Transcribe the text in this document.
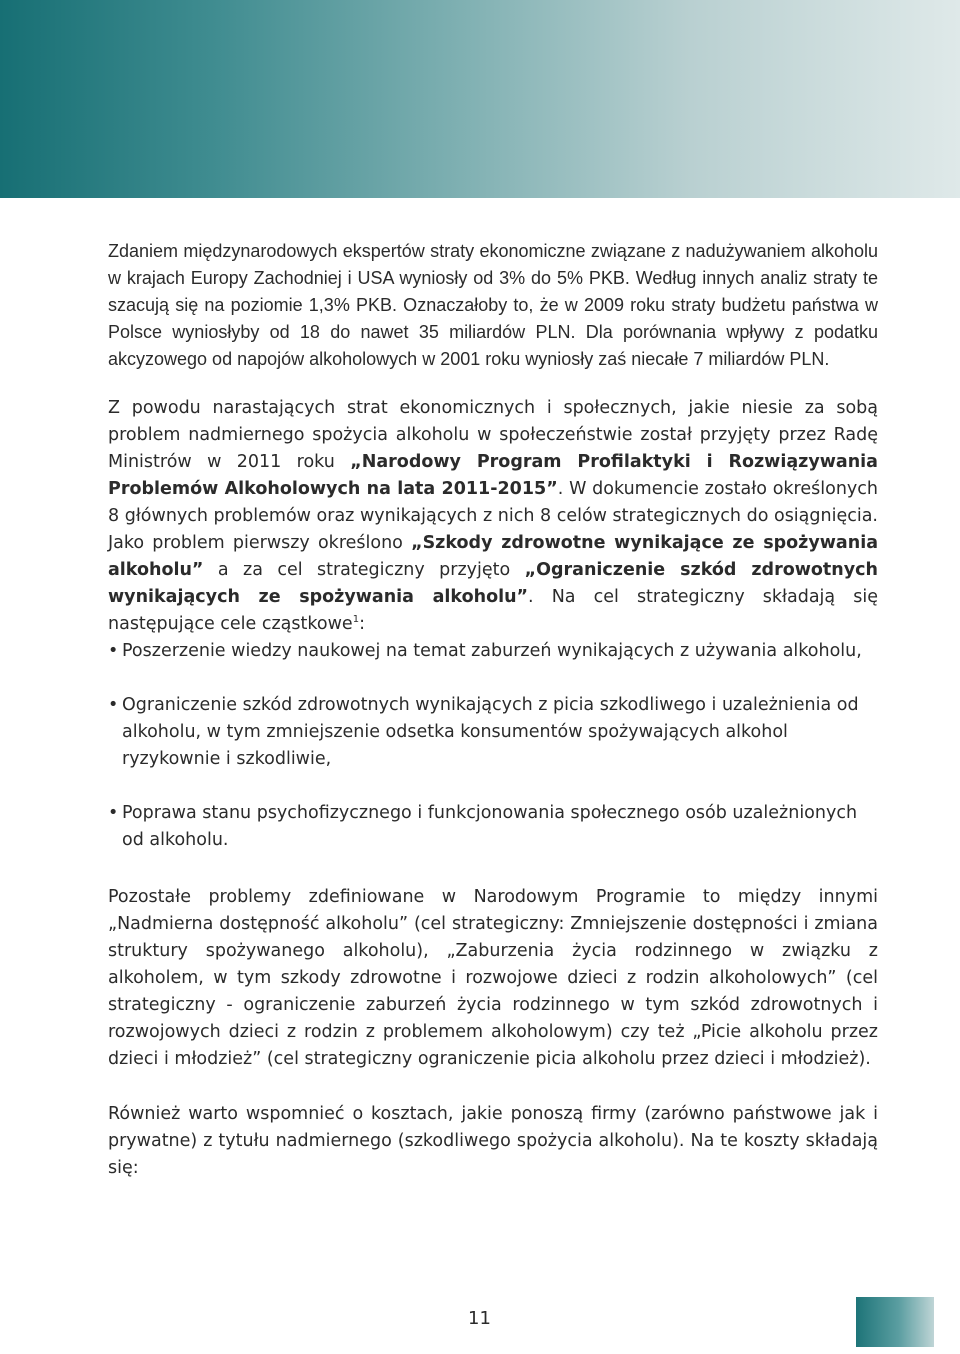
Zdaniem międzynarodowych ekspertów straty ekonomiczne związane z nadużywaniem alkoholu w krajach Europy Zachodniej i USA wyniosły od 3% do 5% PKB. Według innych analiz straty te szacują się na poziomie 1,3% PKB. Oznaczałoby to, że w 2009 roku straty budżetu państwa w Polsce wyniosłyby od 18 do nawet 35 miliardów PLN. Dla porównania wpływy z podatku akcyzowego od napojów alkoholowych w 2001 roku wyniosły zaś niecałe 7 miliardów PLN.

Z powodu narastających strat ekonomicznych i społecznych, jakie niesie za sobą problem nadmiernego spożycia alkoholu w społeczeństwie został przyjęty przez Radę Ministrów w 2011 roku „Narodowy Program Profilaktyki i Rozwiązywania Problemów Alkoholowych na lata 2011-2015”. W dokumencie zostało określonych 8 głównych problemów oraz wynikających z nich 8 celów strategicznych do osiągnięcia. Jako problem pierwszy określono „Szkody zdrowotne wynikające ze spożywania alkoholu” a za cel strategiczny przyjęto „Ograniczenie szkód zdrowotnych wynikających ze spożywania alkoholu”. Na cel strategiczny składają się następujące cele cząstkowe$^1$:

• Poszerzenie wiedzy naukowej na temat zaburzeń wynikających z używania alkoholu,
• Ograniczenie szkód zdrowotnych wynikających z picia szkodliwego i uzależnienia od alkoholu, w tym zmniejszenie odsetka konsumentów spożywających alkohol ryzykownie i szkodliwie,
• Poprawa stanu psychofizycznego i funkcjonowania społecznego osób uzależnionych od alkoholu.

Pozostałe problemy zdefiniowane w Narodowym Programie to między innymi „Nadmierna dostępność alkoholu” (cel strategiczny: Zmniejszenie dostępności i zmiana struktury spożywanego alkoholu), „Zaburzenia życia rodzinnego w związku z alkoholem, w tym szkody zdrowotne i rozwojowe dzieci z rodzin alkoholowych” (cel strategiczny - ograniczenie zaburzeń życia rodzinnego w tym szkód zdrowotnych i rozwojowych dzieci z rodzin z problemem alkoholowym) czy też „Picie alkoholu przez dzieci i młodzież” (cel strategiczny ograniczenie picia alkoholu przez dzieci i młodzież).

Również warto wspomnieć o kosztach, jakie ponoszą firmy (zarówno państwowe jak i prywatne) z tytułu nadmiernego (szkodliwego spożycia alkoholu). Na te koszty składają się:

11
